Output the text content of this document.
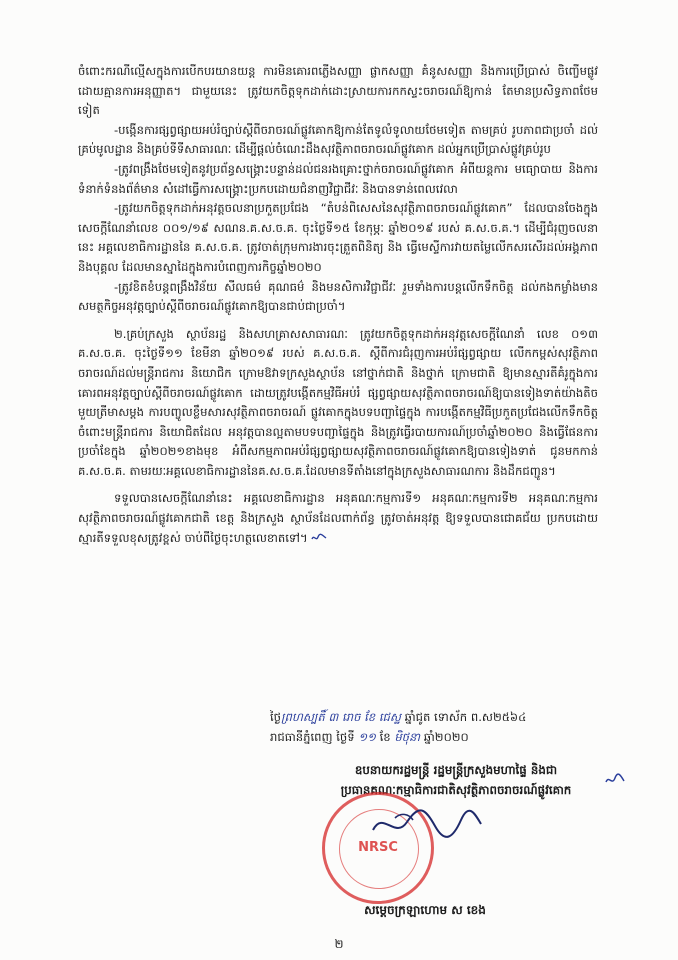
ចំពោះករណីល្មើសក្នុងការបើកបរយានយន្ត ការមិនគោរពភ្លើងសញ្ញា ផ្លាកសញ្ញា គំនូសសញ្ញា និងការប្រើប្រាស់ ចិញ្ចើមផ្លូវដោយគ្មានការអនុញ្ញាត។ ជាមួយនេះ ត្រូវយកចិត្តទុកដាក់ដោះស្រាយការកកស្ទះចរាចរណ៍ឱ្យកាន់ តែមានប្រសិទ្ធភាពថែមទៀត

-បង្កើនការផ្សព្វផ្សាយអប់រំច្បាប់ស្តីពីចរាចរណ៍ផ្លូវគោកឱ្យកាន់តែទូលំទូលាយថែមទៀត តាមគ្រប់ រូបភាពជាប្រចាំ ដល់គ្រប់មូលដ្ឋាន និងគ្រប់ទីទីសាធារណៈ ដើម្បីផ្តល់ចំណេះដឹងសុវត្ថិភាពចរាចរណ៍ផ្លូវគោក ដល់អ្នកប្រើប្រាស់ផ្លូវគ្រប់រូប

-ត្រូវពង្រឹងថែមទៀតនូវប្រព័ន្ធសង្គ្រោះបន្ទាន់ដល់ជនរងគ្រោះថ្នាក់ចរាចរណ៍ផ្លូវគោក អំពីយន្តការ មធ្យោបាយ និងការទំនាក់ទំនងព័ត៌មាន សំដៅធ្វើការសង្គ្រោះប្រកបដោយជំនាញវិជ្ជាជីវៈ និងបានទាន់ពេលវេលា

-ត្រូវយកចិត្តទុកដាក់អនុវត្តចលនាប្រកួតប្រជែង “តំបន់ពិសេសនៃសុវត្ថិភាពចរាចរណ៍ផ្លូវគោក” ដែលបានចែងក្នុងសេចក្តីណែនាំលេខ ០០១/១៩ សណន.គ.ស.ច.គ. ចុះថ្ងៃទី១៥ ខែកុម្ភៈ ឆ្នាំ២០១៩ របស់ គ.ស.ច.គ.។ ដើម្បីជំរុញចលនានេះ អគ្គលេខាធិការដ្ឋាននៃ គ.ស.ច.គ. ត្រូវចាត់ក្រុមការងារចុះត្រួតពិនិត្យ និង ធ្វើមេស្ទីការវាយតម្លៃលើកសរសើរដល់អង្គភាព និងបុគ្គល ដែលមានស្នាដៃក្នុងការបំពេញការកិច្ចឆ្នាំ២០២០

-ត្រូវខិតខំបន្តពង្រឹងវិន័យ សីលធម៌ គុណធម៌ និងមនសិការវិជ្ជាជីវៈ រួមទាំងការបន្តលើកទឹកចិត្ត ដល់កងកម្លាំងមានសមត្ថកិច្ចអនុវត្តច្បាប់ស្តីពីចរាចរណ៍ផ្លូវគោកឱ្យបានជាប់ជាប្រចាំ។

២.គ្រប់ក្រសួង ស្ថាប័នរដ្ឋ និងសហគ្រាសសាធារណៈ ត្រូវយកចិត្តទុកដាក់អនុវត្តសេចក្តីណែនាំ លេខ ០១៣ គ.ស.ច.គ. ចុះថ្ងៃទី១១ ខែមីនា ឆ្នាំ២០១៩ របស់ គ.ស.ច.គ. ស្តីពីការជំរុញការអប់រំផ្សព្វផ្សាយ លើកកម្ពស់សុវត្ថិភាពចរាចរណ៍ដល់មន្ត្រីរាជការ និយោជិក ក្រោមឱវាទក្រសួងស្ថាប័ន នៅថ្នាក់ជាតិ និងថ្នាក់ ក្រោមជាតិ ឱ្យមានស្មារតីគំរូក្នុងការគោរពអនុវត្តច្បាប់ស្តីពីចរាចរណ៍ផ្លូវគោក ដោយត្រូវបង្កើតកម្មវិធីអប់រំ ផ្សព្វផ្សាយសុវត្ថិភាពចរាចរណ៍ឱ្យបានទៀងទាត់យ៉ាងតិចមួយត្រីមាសម្តង ការបញ្ចូលខ្លឹមសារសុវត្ថិភាពចរាចរណ៍ ផ្លូវគោកក្នុងបទបញ្ជាផ្ទៃក្នុង ការបង្កើតកម្មវិធីប្រកួតប្រជែងលើកទឹកចិត្តចំពោះមន្ត្រីរាជការ និយោជិតដែល អនុវត្តបានល្អតាមបទបញ្ជាផ្ទៃក្នុង និងត្រូវធ្វើរបាយការណ៍ប្រចាំឆ្នាំ២០២០ និងធ្វើផែនការប្រចាំខែក្នុង ឆ្នាំ២០២១ខាងមុខ អំពីសកម្មភាពអប់រំផ្សព្វផ្សាយសុវត្ថិភាពចរាចរណ៍ផ្លូវគោកឱ្យបានទៀងទាត់ ជូនមកកាន់ គ.ស.ច.គ. តាមរយៈអគ្គលេខាធិការដ្ឋាននៃគ.ស.ច.គ.ដែលមានទីតាំងនៅក្នុងក្រសួងសាធារណការ និងដឹកជញ្ជូន។

ទទួលបានសេចក្តីណែនាំនេះ អគ្គលេខាធិការដ្ឋាន អនុគណៈកម្មការទី១ អនុគណៈកម្មការទី២ អនុគណៈកម្មការសុវត្ថិភាពចរាចរណ៍ផ្លូវគោកជាតិ ខេត្ត និងក្រសួង ស្ថាប័នដែលពាក់ព័ន្ធ ត្រូវចាត់អនុវត្ត ឱ្យទទួលបានជោគជ័យ ប្រកបដោយស្មារតីទទួលខុសត្រូវខ្ពស់ ចាប់ពីថ្ងៃចុះហត្ថលេខាតទៅ។

ថ្ងៃព្រហស្បតិ៍ ៣ រោច ខែ ជេស្ឋ ឆ្នាំជូត ទោស័ក ព.ស២៥៦៤
រាជធានីភ្នំពេញ ថ្ងៃទី ១១ ខែ មិថុនា ឆ្នាំ២០២០
ឧបនាយករដ្ឋមន្ត្រី រដ្ឋមន្ត្រីក្រសួងមហាផ្ទៃ និងជា
ប្រធានគណៈកម្មាធិការជាតិសុវត្ថិភាពចរាចរណ៍ផ្លូវគោក
NRSC
សម្តេចក្រឡាហោម ស ខេង
២
